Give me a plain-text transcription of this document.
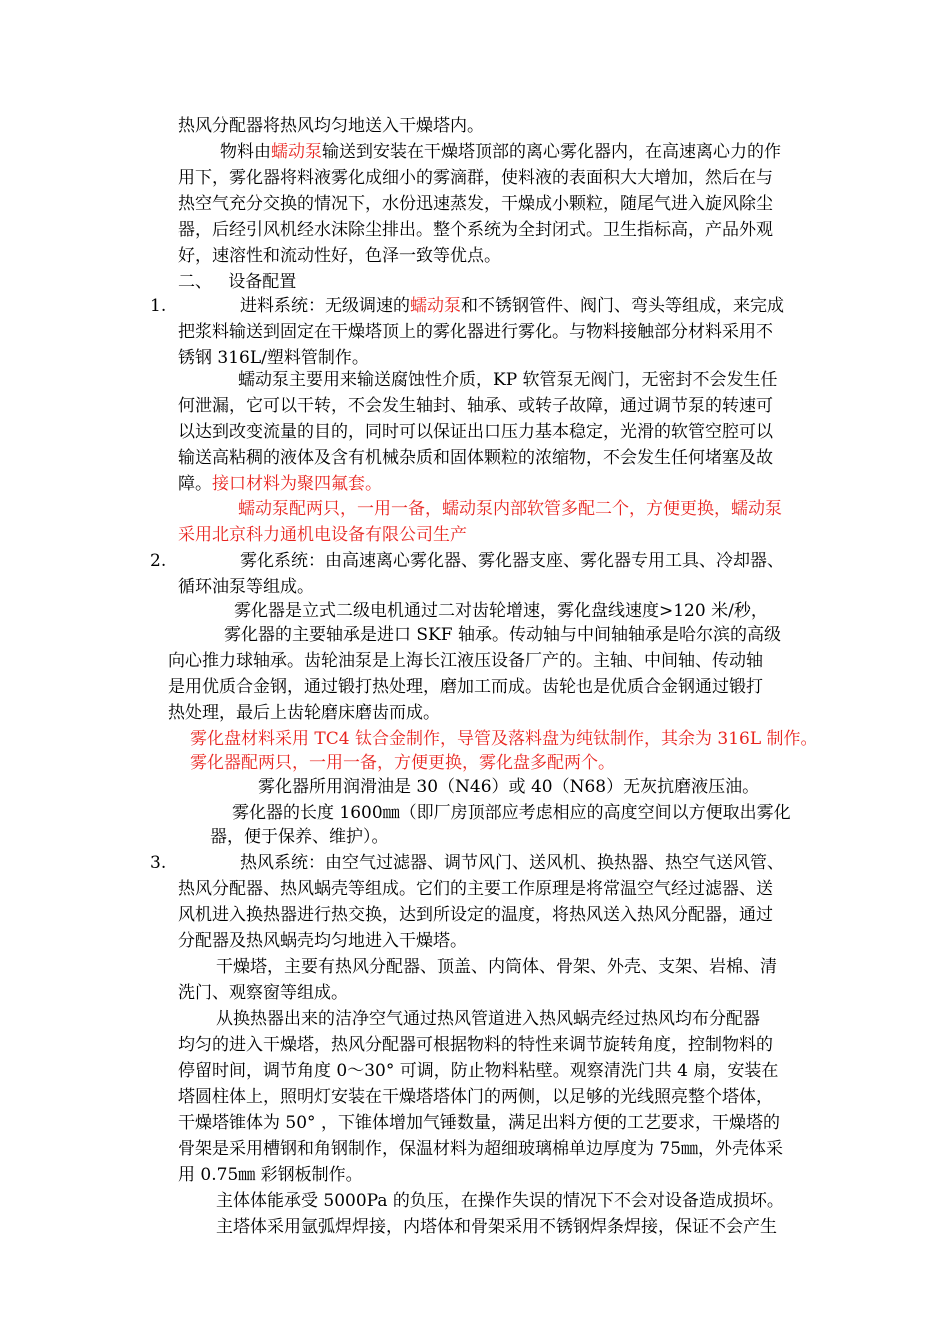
热风分配器将热风均匀地送入干燥塔内。
物料由蠕动泵输送到安装在干燥塔顶部的离心雾化器内，在高速离心力的作
用下，雾化器将料液雾化成细小的雾滴群，使料液的表面积大大增加，然后在与
热空气充分交换的情况下，水份迅速蒸发，干燥成小颗粒，随尾气进入旋风除尘
器，后经引风机经水沫除尘排出。整个系统为全封闭式。卫生指标高，产品外观
好，速溶性和流动性好，色泽一致等优点。
二、   设备配置
1.	进料系统：无级调速的蠕动泵和不锈钢管件、阀门、弯头等组成，来完成
把浆料输送到固定在干燥塔顶上的雾化器进行雾化。与物料接触部分材料采用不
锈钢 316L/塑料管制作。
蠕动泵主要用来输送腐蚀性介质，KP 软管泵无阀门，无密封不会发生任
何泄漏，它可以干转，不会发生轴封、轴承、或转子故障，通过调节泵的转速可
以达到改变流量的目的，同时可以保证出口压力基本稳定，光滑的软管空腔可以
输送高粘稠的液体及含有机械杂质和固体颗粒的浓缩物，不会发生任何堵塞及故
障。接口材料为聚四氟套。
蠕动泵配两只，一用一备，蠕动泵内部软管多配二个，方便更换，蠕动泵
采用北京科力通机电设备有限公司生产
2.	雾化系统：由高速离心雾化器、雾化器支座、雾化器专用工具、冷却器、
循环油泵等组成。
雾化器是立式二级电机通过二对齿轮增速，雾化盘线速度>120 米/秒，
雾化器的主要轴承是进口 SKF 轴承。传动轴与中间轴轴承是哈尔滨的高级
向心推力球轴承。齿轮油泵是上海长江液压设备厂产的。主轴、中间轴、传动轴
是用优质合金钢，通过锻打热处理，磨加工而成。齿轮也是优质合金钢通过锻打
热处理，最后上齿轮磨床磨齿而成。
雾化盘材料采用 TC4 钛合金制作，导管及落料盘为纯钛制作，其余为 316L 制作。
雾化器配两只，一用一备，方便更换，雾化盘多配两个。
雾化器所用润滑油是 30（N46）或 40（N68）无灰抗磨液压油。
雾化器的长度 1600㎜（即厂房顶部应考虑相应的高度空间以方便取出雾化
器，便于保养、维护）。
3.	热风系统：由空气过滤器、调节风门、送风机、换热器、热空气送风管、
热风分配器、热风蜗壳等组成。它们的主要工作原理是将常温空气经过滤器、送
风机进入换热器进行热交换，达到所设定的温度，将热风送入热风分配器，通过
分配器及热风蜗壳均匀地进入干燥塔。
干燥塔，主要有热风分配器、顶盖、内筒体、骨架、外壳、支架、岩棉、清
洗门、观察窗等组成。
从换热器出来的洁净空气通过热风管道进入热风蜗壳经过热风均布分配器
均匀的进入干燥塔，热风分配器可根据物料的特性来调节旋转角度，控制物料的
停留时间，调节角度 0～30° 可调，防止物料粘壁。观察清洗门共 4 扇，安装在
塔圆柱体上，照明灯安装在干燥塔塔体门的两侧，以足够的光线照亮整个塔体，
干燥塔锥体为 50° ，下锥体增加气锤数量，满足出料方便的工艺要求，干燥塔的
骨架是采用槽钢和角钢制作，保温材料为超细玻璃棉单边厚度为 75㎜，外壳体采
用 0.75㎜ 彩钢板制作。
主体体能承受 5000Pa 的负压，在操作失误的情况下不会对设备造成损坏。
主塔体采用氩弧焊焊接，内塔体和骨架采用不锈钢焊条焊接，保证不会产生
